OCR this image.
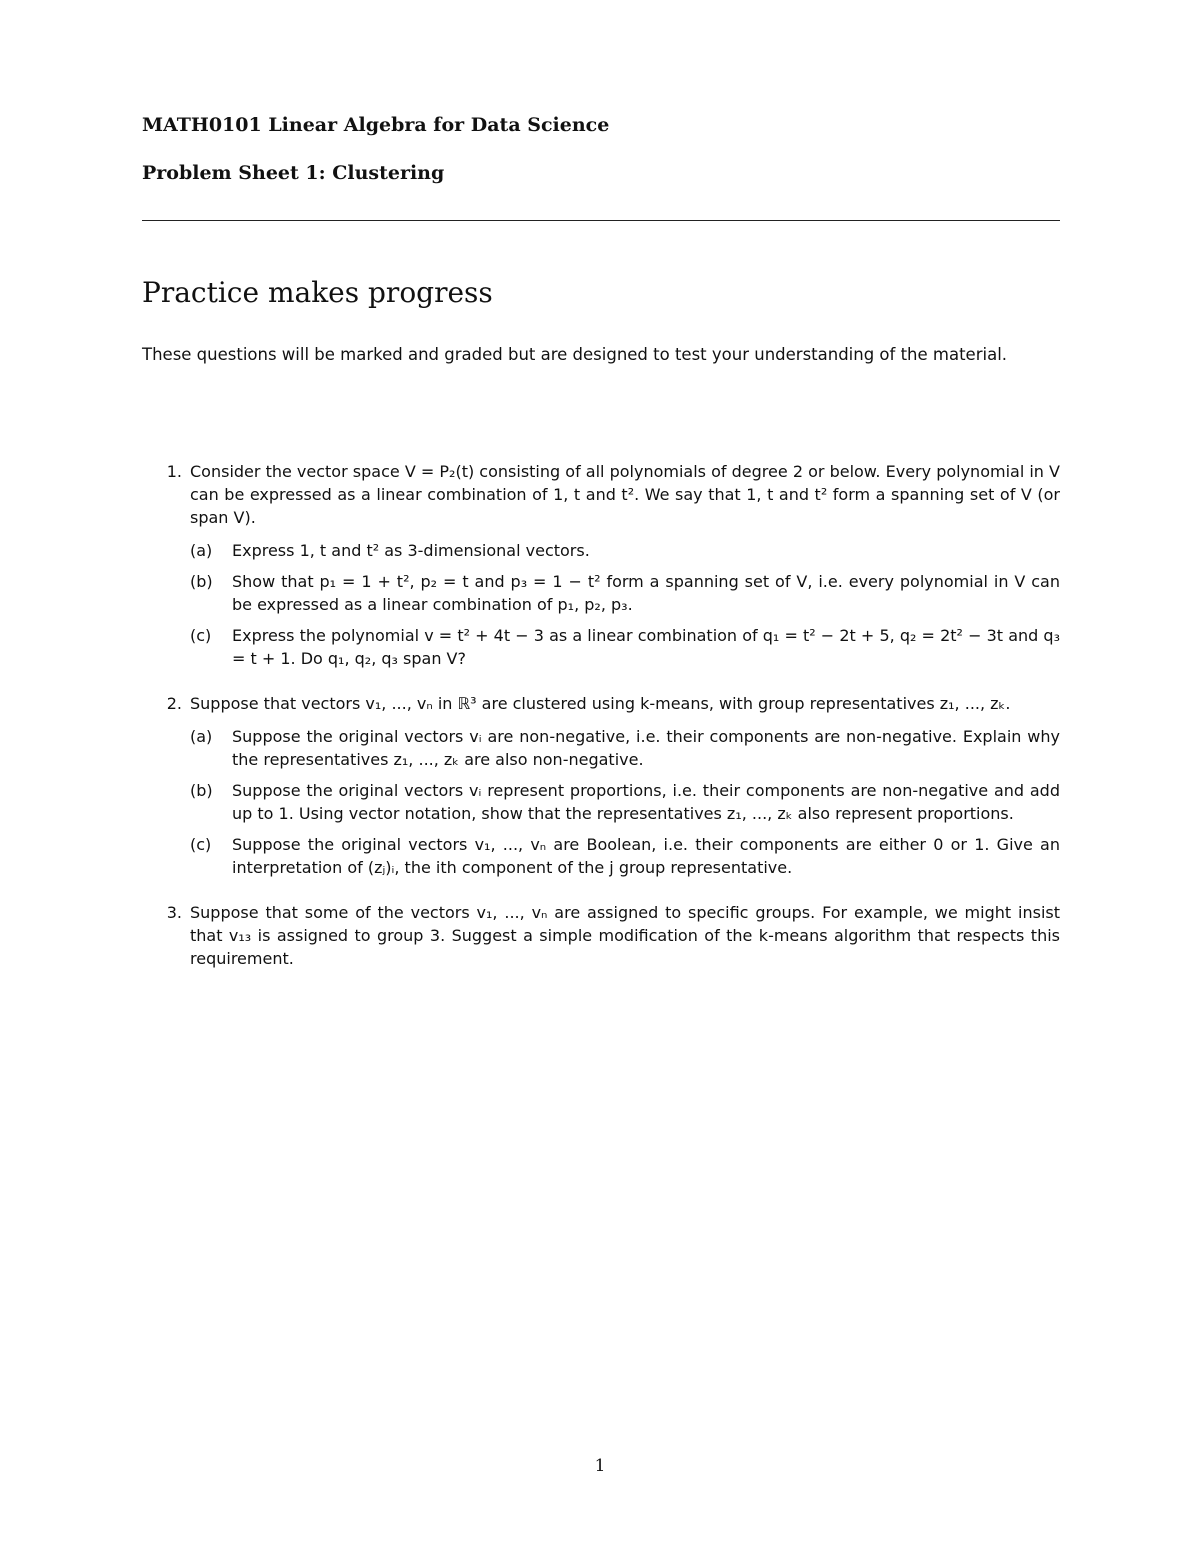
MATH0101 Linear Algebra for Data Science
Problem Sheet 1: Clustering
Practice makes progress
These questions will be marked and graded but are designed to test your understanding of the material.
1. Consider the vector space V = P₂(t) consisting of all polynomials of degree 2 or below. Every polynomial in V can be expressed as a linear combination of 1, t and t². We say that 1, t and t² form a spanning set of V (or span V).
(a)	Express 1, t and t² as 3-dimensional vectors.
(b)	Show that p₁ = 1 + t², p₂ = t and p₃ = 1 − t² form a spanning set of V, i.e. every polynomial in V can be expressed as a linear combination of p₁, p₂, p₃.
(c)	Express the polynomial v = t² + 4t − 3 as a linear combination of q₁ = t² − 2t + 5, q₂ = 2t² − 3t and q₃ = t + 1. Do q₁, q₂, q₃ span V?
2. Suppose that vectors v₁, ..., vₙ in ℝ³ are clustered using k-means, with group representatives z₁, ..., zₖ.
(a)	Suppose the original vectors vᵢ are non-negative, i.e. their components are non-negative. Explain why the representatives z₁, ..., zₖ are also non-negative.
(b)	Suppose the original vectors vᵢ represent proportions, i.e. their components are non-negative and add up to 1. Using vector notation, show that the representatives z₁, ..., zₖ also represent proportions.
(c)	Suppose the original vectors v₁, ..., vₙ are Boolean, i.e. their components are either 0 or 1. Give an interpretation of (zⱼ)ᵢ, the ith component of the j group representative.
3. Suppose that some of the vectors v₁, ..., vₙ are assigned to specific groups. For example, we might insist that v₁₃ is assigned to group 3. Suggest a simple modification of the k-means algorithm that respects this requirement.
1
